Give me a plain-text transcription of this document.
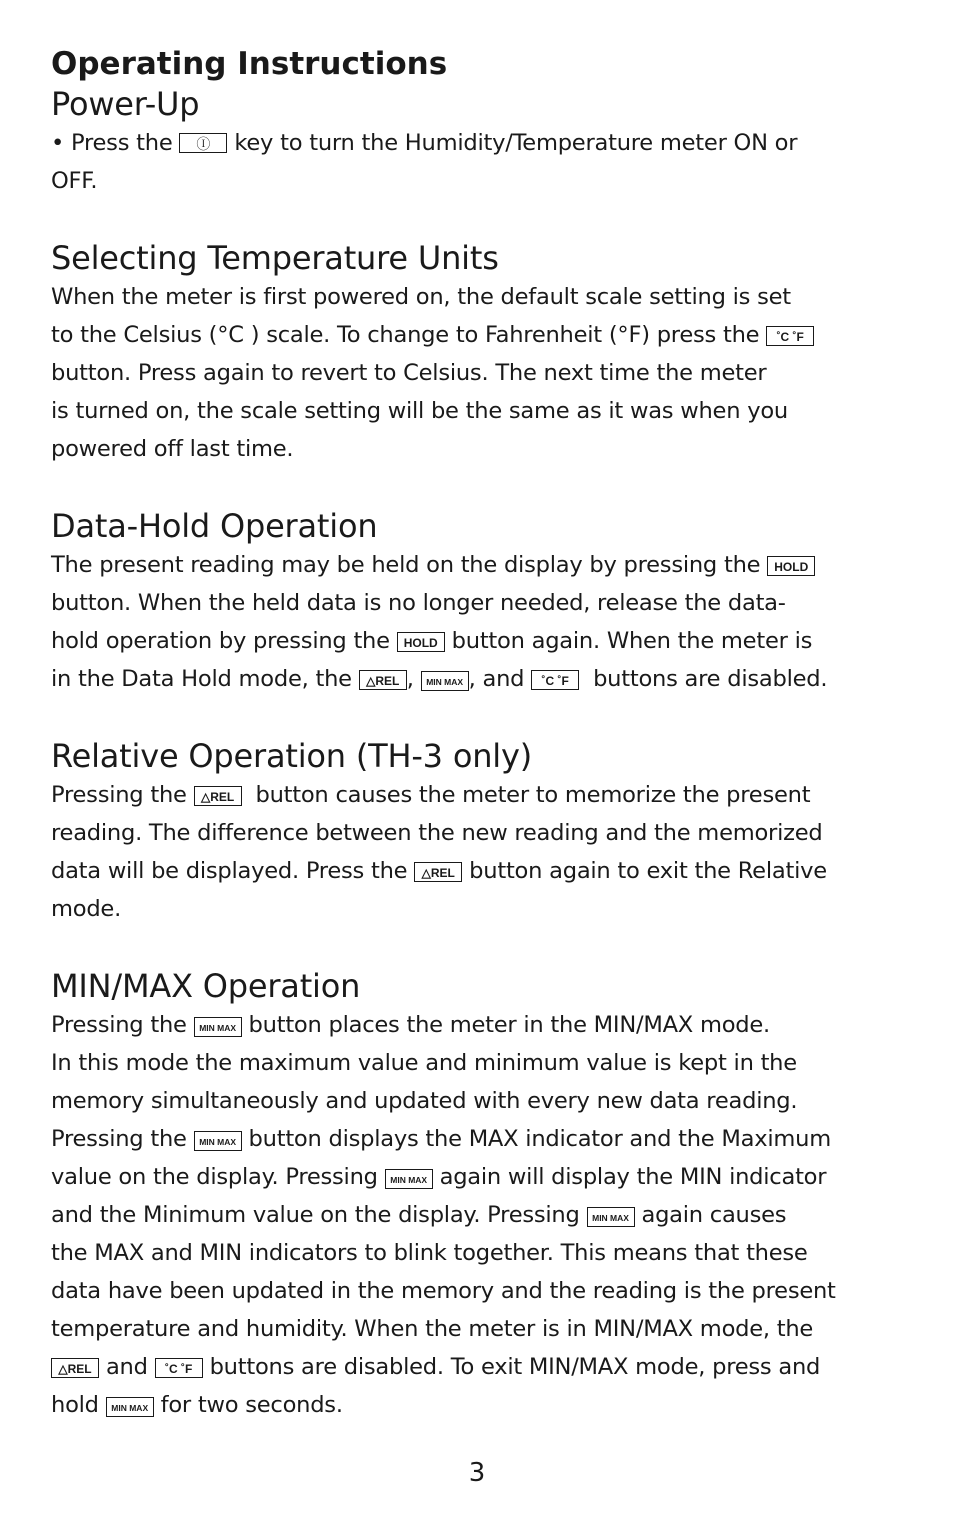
Operating Instructions
Power-Up

• Press the Ⓘ key to turn the Humidity/Temperature meter ON or

OFF.

Selecting Temperature Units

When the meter is first powered on, the default scale setting is set

to the Celsius (°C ) scale. To change to Fahrenheit (°F) press the ˚C ˚F

button. Press again to revert to Celsius. The next time the meter

is turned on, the scale setting will be the same as it was when you

powered off last time.

Data-Hold Operation

The present reading may be held on the display by pressing the HOLD

button. When the held data is no longer needed, release the data-

hold operation by pressing the HOLD button again. When the meter is

in the Data Hold mode, the △REL , MIN MAX , and ˚C ˚F buttons are disabled.

Relative Operation (TH-3 only)

Pressing the △REL button causes the meter to memorize the present

reading. The difference between the new reading and the memorized

data will be displayed. Press the △REL button again to exit the Relative

mode.

MIN/MAX Operation

Pressing the MIN MAX button places the meter in the MIN/MAX mode.

In this mode the maximum value and minimum value is kept in the

memory simultaneously and updated with every new data reading.

Pressing the MIN MAX button displays the MAX indicator and the Maximum

value on the display. Pressing MIN MAX again will display the MIN indicator

and the Minimum value on the display. Pressing MIN MAX again causes

the MAX and MIN indicators to blink together. This means that these

data have been updated in the memory and the reading is the present

temperature and humidity. When the meter is in MIN/MAX mode, the

△REL and ˚C ˚F buttons are disabled. To exit MIN/MAX mode, press and

hold MIN MAX for two seconds.

3
